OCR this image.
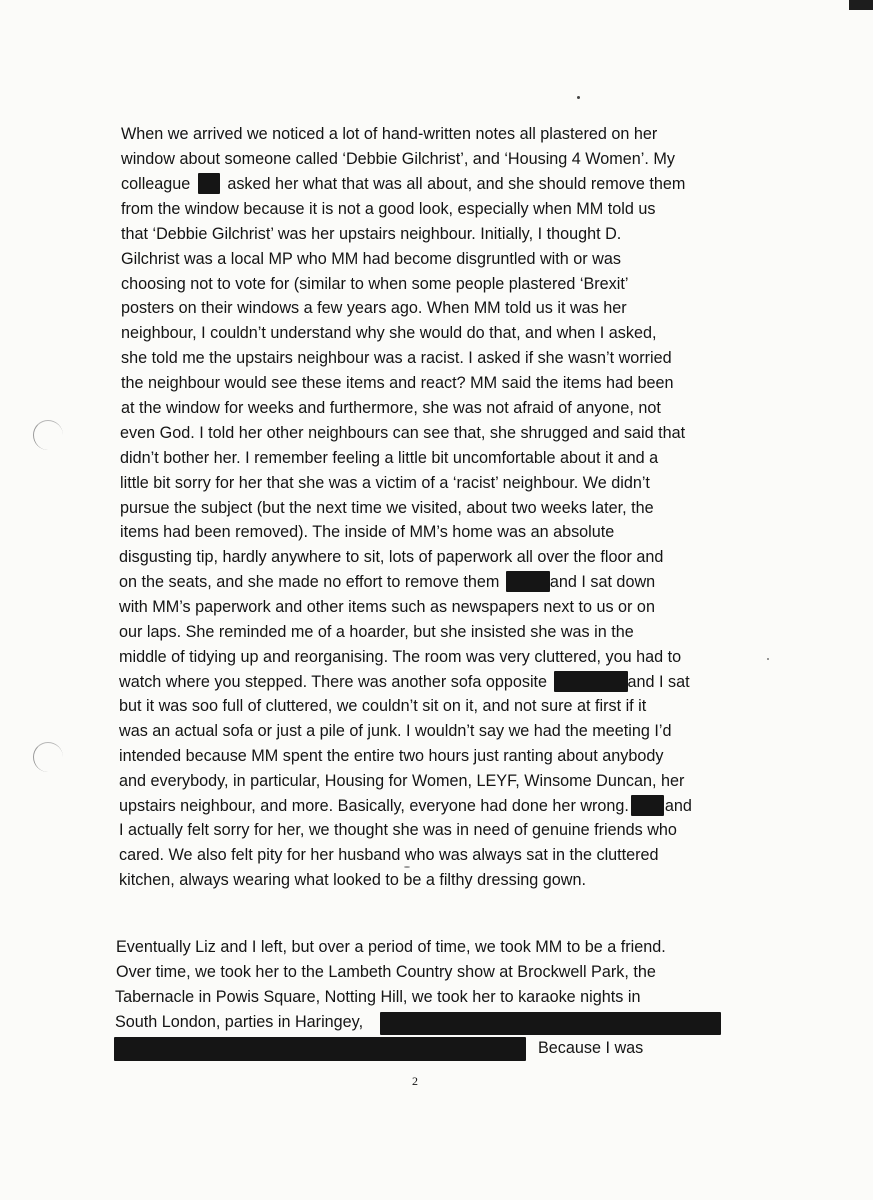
When we arrived we noticed a lot of hand-written notes all plastered on her
window about someone called ‘Debbie Gilchrist’, and ‘Housing 4 Women’. My
colleague asked her what that was all about, and she should remove them
from the window because it is not a good look, especially when MM told us
that ‘Debbie Gilchrist’ was her upstairs neighbour. Initially, I thought D.
Gilchrist was a local MP who MM had become disgruntled with or was
choosing not to vote for (similar to when some people plastered ‘Brexit’
posters on their windows a few years ago. When MM told us it was her
neighbour, I couldn’t understand why she would do that, and when I asked,
she told me the upstairs neighbour was a racist. I asked if she wasn’t worried
the neighbour would see these items and react? MM said the items had been
at the window for weeks and furthermore, she was not afraid of anyone, not
even God. I told her other neighbours can see that, she shrugged and said that
didn’t bother her. I remember feeling a little bit uncomfortable about it and a
little bit sorry for her that she was a victim of a ‘racist’ neighbour. We didn’t
pursue the subject (but the next time we visited, about two weeks later, the
items had been removed). The inside of MM’s home was an absolute
disgusting tip, hardly anywhere to sit, lots of paperwork all over the floor and
on the seats, and she made no effort to remove them	and I sat down
with MM’s paperwork and other items such as newspapers next to us or on
our laps. She reminded me of a hoarder, but she insisted she was in the
middle of tidying up and reorganising. The room was very cluttered, you had to
watch where you stepped. There was another sofa opposite	and I sat
but it was soo full of cluttered, we couldn’t sit on it, and not sure at first if it
was an actual sofa or just a pile of junk. I wouldn’t say we had the meeting I’d
intended because MM spent the entire two hours just ranting about anybody
and everybody, in particular, Housing for Women, LEYF, Winsome Duncan, her
upstairs neighbour, and more. Basically, everyone had done her wrong. and
I actually felt sorry for her, we thought she was in need of genuine friends who
cared. We also felt pity for her husband who was always sat in the cluttered
kitchen, always wearing what looked to be a filthy dressing gown.
Eventually Liz and I left, but over a period of time, we took MM to be a friend.
Over time, we took her to the Lambeth Country show at Brockwell Park, the
Tabernacle in Powis Square, Notting Hill, we took her to karaoke nights in
South London, parties in Haringey,
Because I was
2
